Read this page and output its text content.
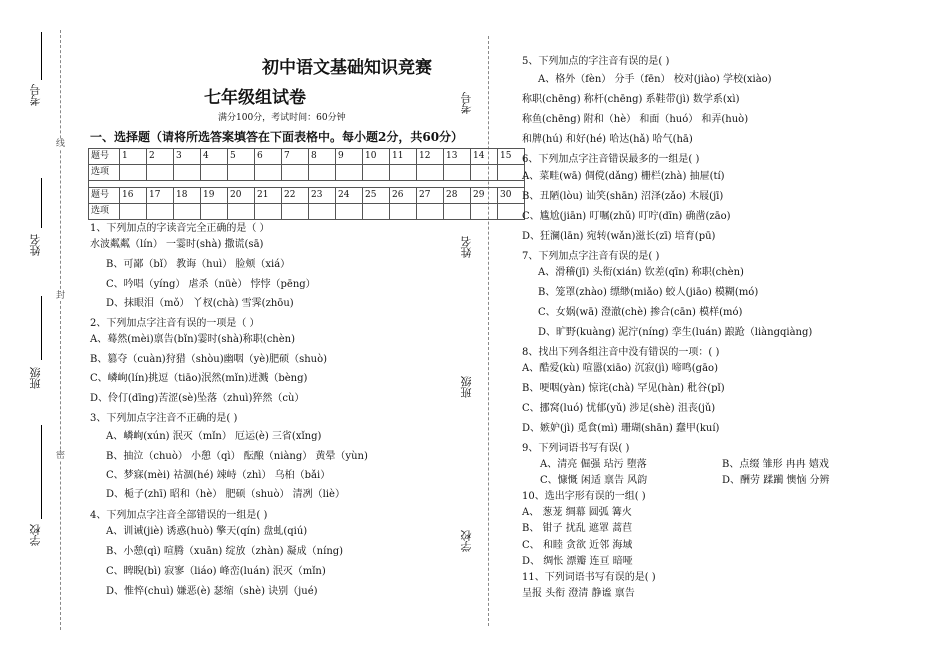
考号
姓名
班级
学校
线
封
密
考号
姓名
班级
学校
初中语文基础知识竞赛
七年级组试卷
满分100分，考试时间：60分钟
一、选择题（请将所选答案填答在下面表格中。每小题2分，共60分）
题号	1	2	3	4	5	6	7	8	9	10	11	12	13	14	15
选项															

题号	16	17	18	19	20	21	22	23	24	25	26	27	28	29	30
选项															
1、下列加点的字读音完全正确的是（ ）
水波粼粼（lín） 一霎时(shà) 撒谎(sā)
B、可鄙（bǐ） 教诲（huì） 脸颊（xiá）
C、吟唱（yíng） 虐杀（nüè） 悖悖（pēng）
D、抹眼泪（mǒ） 丫杈(chà) 雪霁(zhōu)
2、下列加点字注音有误的一项是（ ）
A、蓦然(mèi)禀告(bǐn)霎时(shà)称职(chèn)
B、篡夺（cuàn)狩猎（shòu)幽咽（yè)肥硕（shuò)
C、嶙峋(lín)挑逗（tiāo)泯然(mǐn)迸溅（bèng)
D、伶仃(dīng)苦涩(sè)坠落（zhuì)猝然（cù）
3、下列加点字注音不正确的是( )
A、嶙峋(xún) 泯灭（mǐn） 厄运(è) 三省(xǐng)
B、抽泣（chuò） 小憩（qì） 酝酿（niàng） 黄晕（yùn)
C、梦寐(mèi) 祜涸(hé) 竦峙（zhì） 乌桕（bǎi）
D、栀子(zhī) 昭和（hè） 肥硕（shuò） 清冽（liè）
4、下列加点字注音全部错误的一组是( )
A、训诫(jiè) 诱惑(huò) 擎天(qín) 盘虬(qiú)
B、小憩(qì) 喧腾（xuān) 绽放（zhàn) 凝成（níng)
C、睥睨(bì) 寂寥（liáo) 峰峦(luán) 泯灭（mǐn)
D、惟悴(chuì) 嫌恶(è) 瑟缩（shè) 诀别（jué)
5、下列加点的字注音有误的是( )
A、格外（fèn） 分手（fēn） 校对(jiào) 学校(xiào)
称职(chēng) 称杆(chēng) 系鞋带(jì) 数学系(xì)
称鱼(chēng) 附和（hè） 和面（huó） 和弄(huò)
和牌(hú) 和好(hé) 哈达(hǎ) 哈气(hā)
6、下列加点字注音错误最多的一组是( )
A、菜畦(wā) 倜傥(dǎng) 栅栏(zhà) 抽屉(tí)
B、丑陋(lòu) 讪笑(shān) 沼泽(zǎo) 木屐(jī)
C、尴尬(jiān) 叮嘱(zhǔ) 叮咛(dīn) 确凿(zāo)
D、狂澜(lān) 宛转(wǎn)滋长(zī) 培育(pū)
7、下列加点字注音有误的是( )
A、滑稽(jī) 头衔(xián) 钦差(qīn) 称职(chèn)
B、笼罩(zhào) 缥缈(miǎo) 蛟人(jiāo) 模糊(mó)
C、女娲(wā) 澄澈(chè) 掺合(cān) 模样(mó)
D、旷野(kuàng) 泥泞(níng) 孪生(luán) 踉跄（liàngqiàng)
8、找出下列各组注音中没有错误的一项：( )
A、酷爱(kù) 喧嚣(xiāo) 沉寂(jì) 啼鸣(gāo)
B、哽咽(yàn) 惊诧(chà) 罕见(hàn) 秕谷(pǐ)
C、挪窝(luó) 忧郁(yǔ) 涉足(shè) 沮丧(jǔ)
D、嫉妒(jì) 觅食(mì) 珊瑚(shān) 蠢甲(kuí)
9、下列词语书写有误( )
A、清亮 倔强 玷污 堕落	B、点缀 雏形 冉冉 嬉戏
C、慷慨 闲适 禀告 风韵	D、酬劳 蹂躏 懊恼 分辨
10、选出字形有误的一组( )
A、 葱茏 绸幕 圆弧 篝火
B、 钳子 扰乱 遮罩 蒿苣
C、 和睦 贪欲 近邻 海域
D、 绸怅 漂瓣 连亘 暗哑
11、下列词语书写有误的是( )
呈报 头衔 澄清 静谧 禀告
